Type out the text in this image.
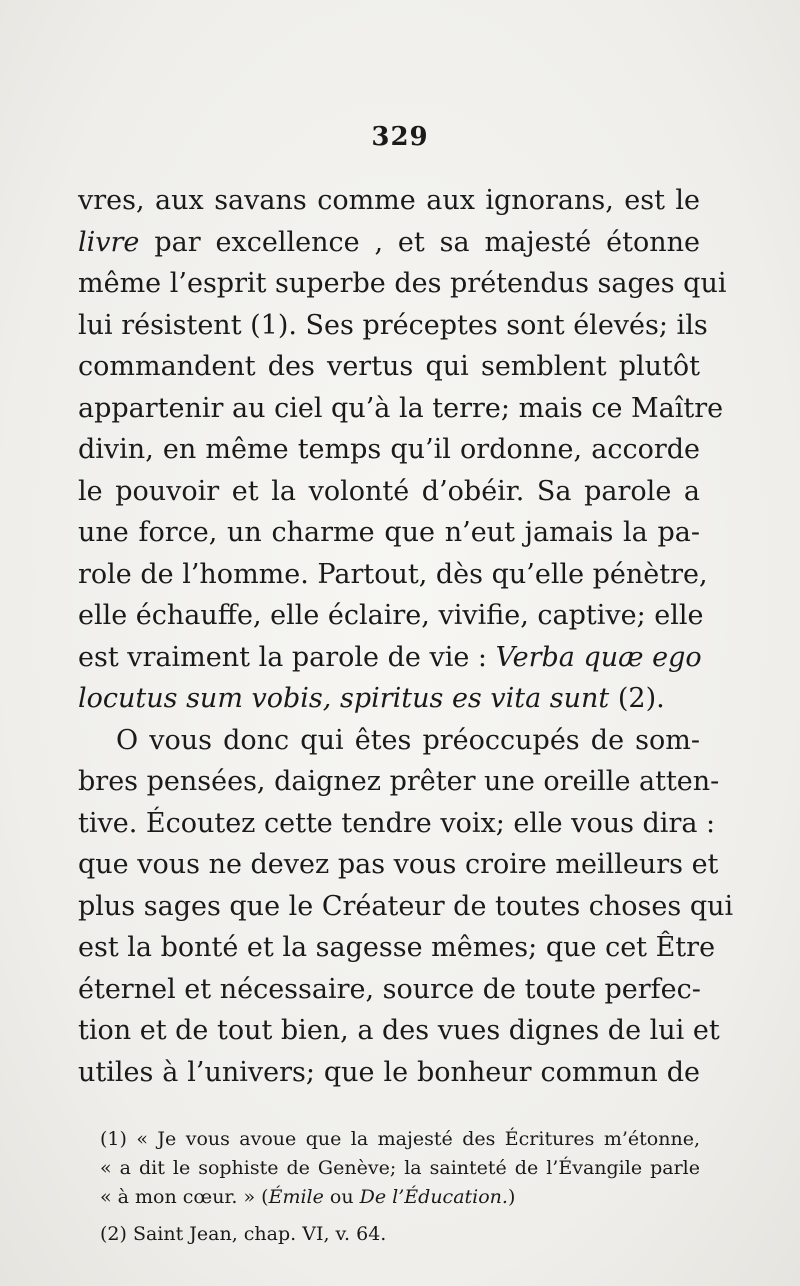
329
vres, aux savans comme aux ignorans, est le
livre par excellence , et sa majesté étonne
même l’esprit superbe des prétendus sages qui
lui résistent (1). Ses préceptes sont élevés; ils
commandent des vertus qui semblent plutôt
appartenir au ciel qu’à la terre; mais ce Maître
divin, en même temps qu’il ordonne, accorde
le pouvoir et la volonté d’obéir. Sa parole a
une force, un charme que n’eut jamais la pa-
role de l’homme. Partout, dès qu’elle pénètre,
elle échauffe, elle éclaire, vivifie, captive; elle
est vraiment la parole de vie : Verba quæ ego
locutus sum vobis, spiritus es vita sunt (2).
O vous donc qui êtes préoccupés de som-
bres pensées, daignez prêter une oreille atten-
tive. Écoutez cette tendre voix; elle vous dira :
que vous ne devez pas vous croire meilleurs et
plus sages que le Créateur de toutes choses qui
est la bonté et la sagesse mêmes; que cet Être
éternel et nécessaire, source de toute perfec-
tion et de tout bien, a des vues dignes de lui et
utiles à l’univers; que le bonheur commun de
(1) « Je vous avoue que la majesté des Écritures m’étonne,
« a dit le sophiste de Genève; la sainteté de l’Évangile parle
« à mon cœur. » (Émile ou De l’Éducation.)
(2) Saint Jean, chap. VI, v. 64.
